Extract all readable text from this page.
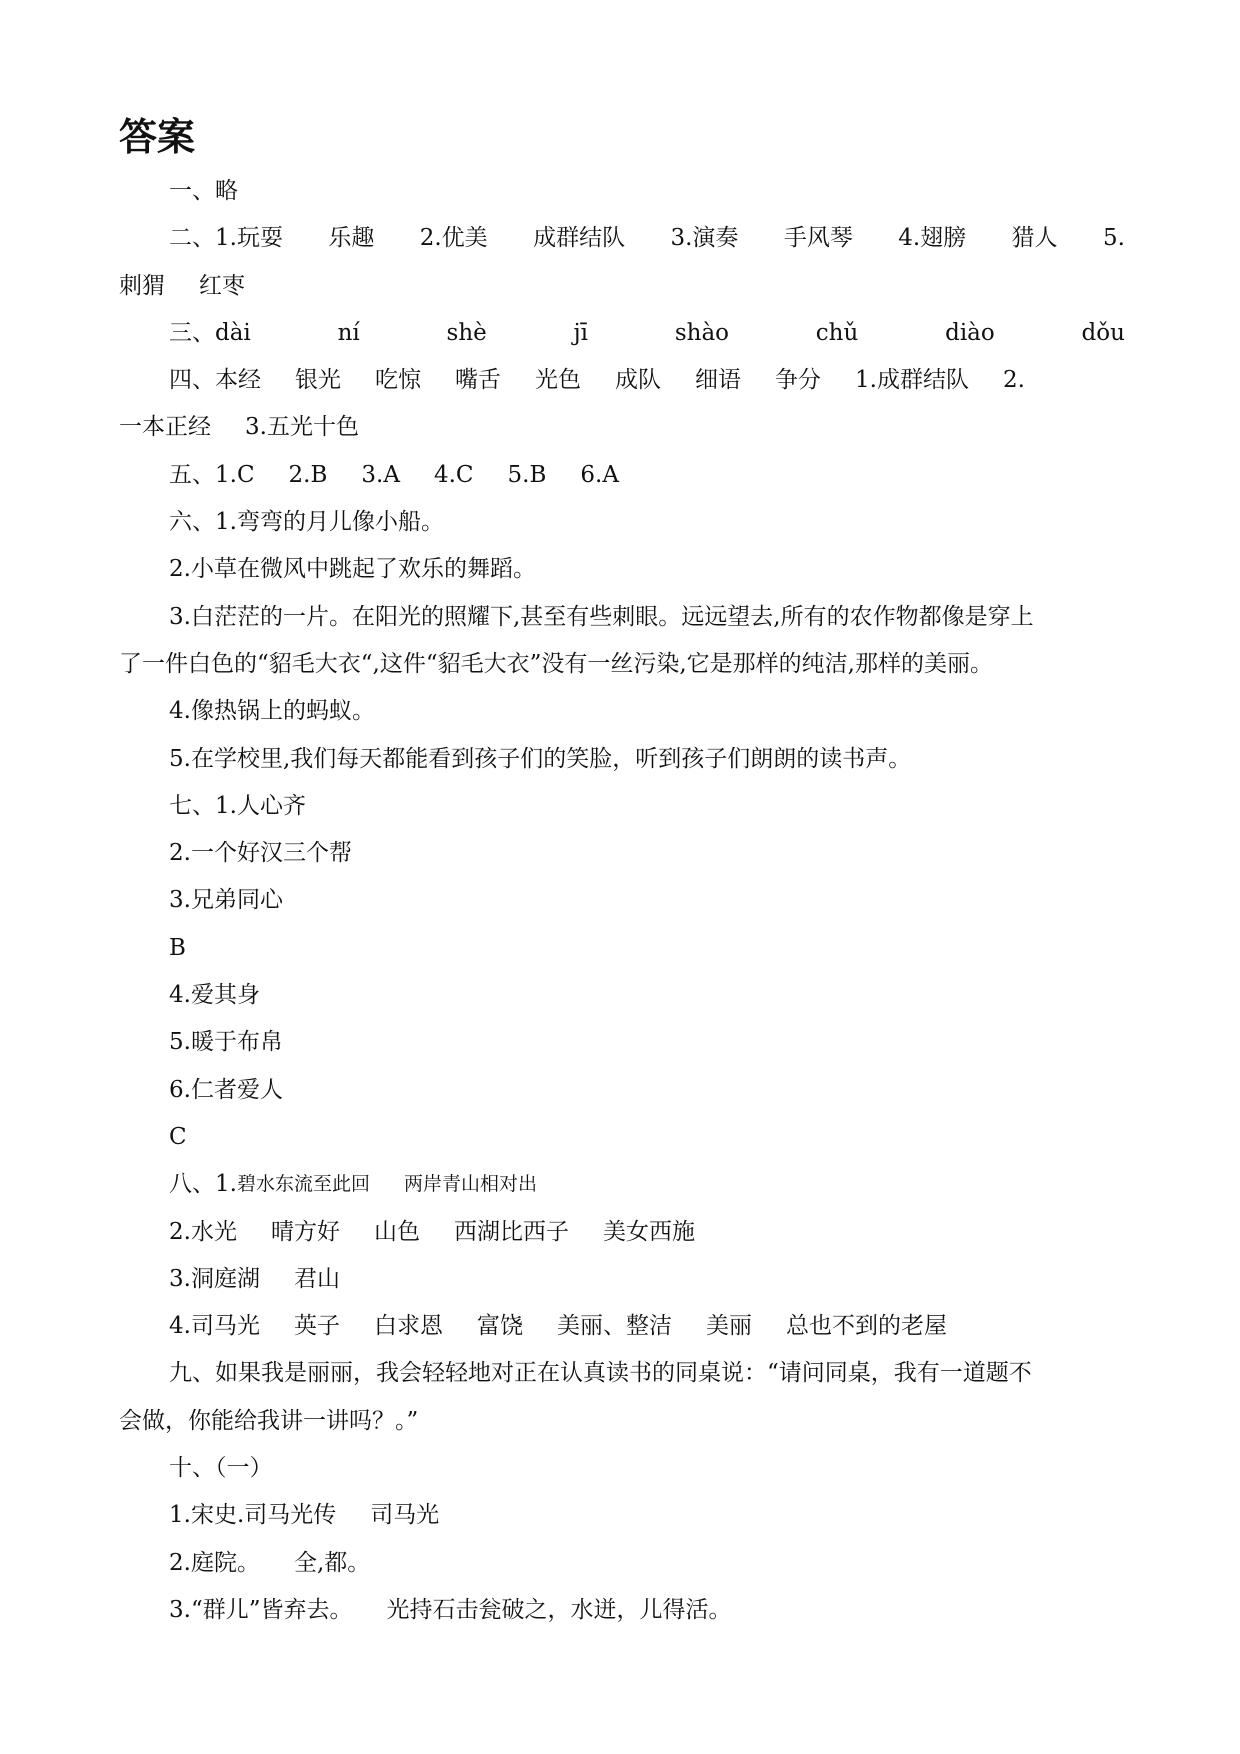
答案
一、略
二、1.玩耍 乐趣 2.优美 成群结队 3.演奏 手风琴 4.翅膀 猎人 5.
刺猬 红枣
三、dài	ní	shè	jī	shào	chǔ	diào	dǒu
四、本经 银光 吃惊 嘴舌 光色 成队 细语 争分 1.成群结队 2.
一本正经 3.五光十色
五、1.C 2.B 3.A 4.C 5.B 6.A
六、1.弯弯的月儿像小船。
2.小草在微风中跳起了欢乐的舞蹈。
3.白茫茫的一片。在阳光的照耀下,甚至有些刺眼。远远望去,所有的农作物都像是穿上
了一件白色的“貂毛大衣“,这件“貂毛大衣”没有一丝污染,它是那样的纯洁,那样的美丽。
4.像热锅上的蚂蚁。
5.在学校里,我们每天都能看到孩子们的笑脸，听到孩子们朗朗的读书声。
七、1.人心齐
2.一个好汉三个帮
3.兄弟同心
B
4.爱其身
5.暖于布帛
6.仁者爱人
C
八、1. 碧水东流至此回 两岸青山相对出
2.水光 晴方好 山色 西湖比西子 美女西施
3.洞庭湖 君山
4.司马光 英子 白求恩 富饶 美丽、整洁 美丽 总也不到的老屋
九、如果我是丽丽，我会轻轻地对正在认真读书的同桌说：“请问同桌，我有一道题不
会做，你能给我讲一讲吗？。”
十、（一）
1.宋史.司马光传 司马光
2.庭院。 全,都。
3.“群儿”皆弃去。 光持石击瓮破之，水迸，儿得活。
